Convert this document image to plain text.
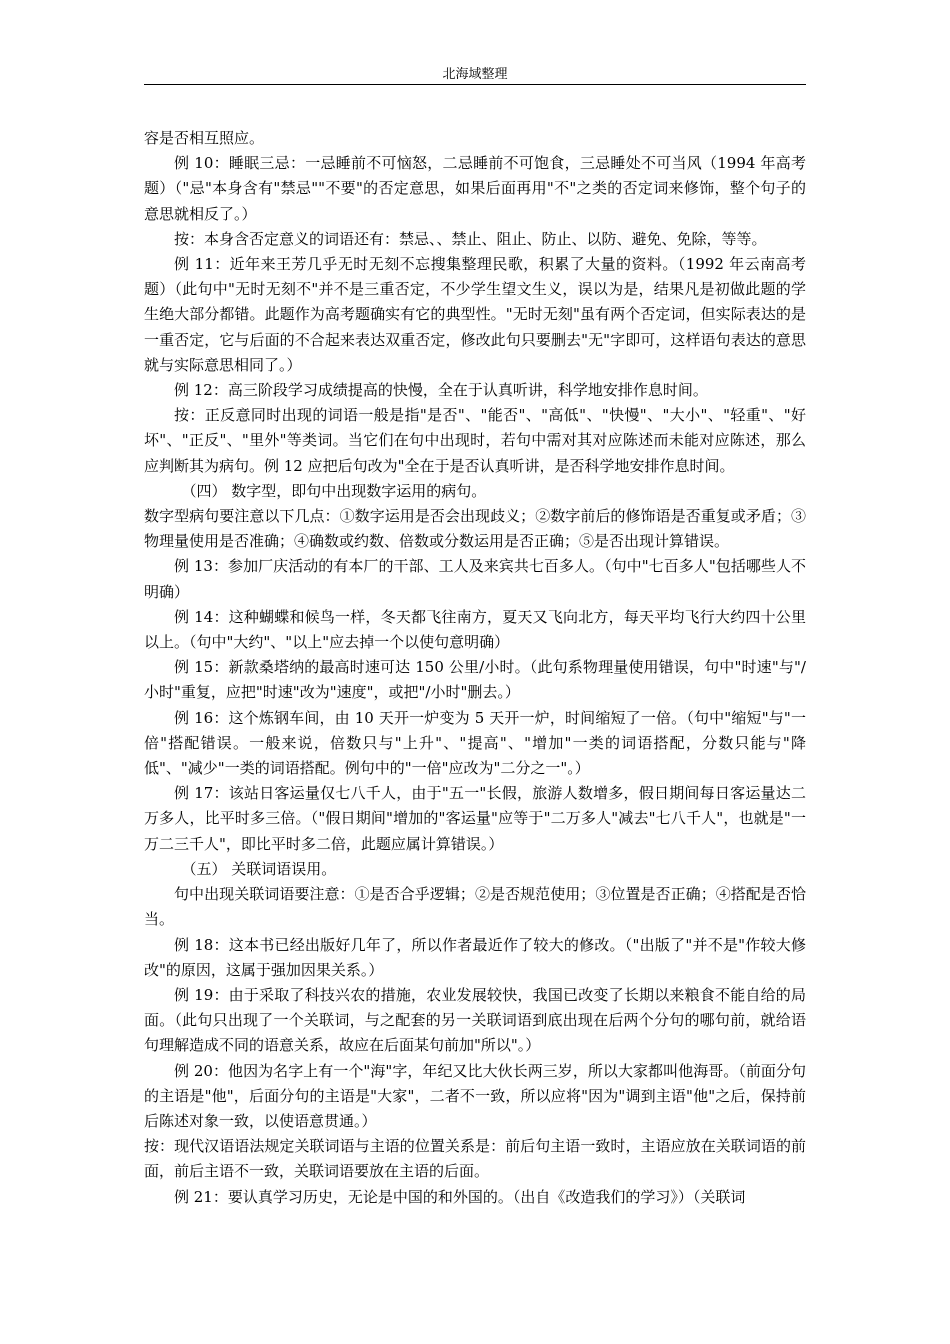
北海域整理

容是否相互照应。

例 10：睡眠三忌：一忌睡前不可恼怒，二忌睡前不可饱食，三忌睡处不可当风（1994 年高考题）（"忌"本身含有"禁忌""不要"的否定意思，如果后面再用"不"之类的否定词来修饰，整个句子的意思就相反了。）

按：本身含否定意义的词语还有：禁忌、、禁止、阻止、防止、以防、避免、免除，等等。

例 11：近年来王芳几乎无时无刻不忘搜集整理民歌，积累了大量的资料。（1992 年云南高考题）（此句中"无时无刻不"并不是三重否定，不少学生望文生义，误以为是，结果凡是初做此题的学生绝大部分都错。此题作为高考题确实有它的典型性。"无时无刻"虽有两个否定词，但实际表达的是一重否定，它与后面的不合起来表达双重否定，修改此句只要删去"无"字即可，这样语句表达的意思就与实际意思相同了。）

例 12：高三阶段学习成绩提高的快慢，全在于认真听讲，科学地安排作息时间。

按：正反意同时出现的词语一般是指"是否"、"能否"、"高低"、"快慢"、"大小"、"轻重"、"好坏"、"正反"、"里外"等类词。当它们在句中出现时，若句中需对其对应陈述而未能对应陈述，那么应判断其为病句。例 12 应把后句改为"全在于是否认真听讲，是否科学地安排作息时间。

（四） 数字型，即句中出现数字运用的病句。

数字型病句要注意以下几点：①数字运用是否会出现歧义；②数字前后的修饰语是否重复或矛盾；③物理量使用是否准确；④确数或约数、倍数或分数运用是否正确；⑤是否出现计算错误。

例 13：参加厂庆活动的有本厂的干部、工人及来宾共七百多人。（句中"七百多人"包括哪些人不明确）

例 14：这种蝴蝶和候鸟一样，冬天都飞往南方，夏天又飞向北方，每天平均飞行大约四十公里以上。（句中"大约"、"以上"应去掉一个以使句意明确）

例 15：新款桑塔纳的最高时速可达 150 公里/小时。（此句系物理量使用错误，句中"时速"与"/小时"重复，应把"时速"改为"速度"，或把"/小时"删去。）

例 16：这个炼钢车间，由 10 天开一炉变为 5 天开一炉，时间缩短了一倍。（句中"缩短"与"一倍"搭配错误。一般来说，倍数只与"上升"、"提高"、"增加"一类的词语搭配，分数只能与"降低"、"减少"一类的词语搭配。例句中的"一倍"应改为"二分之一"。）

例 17：该站日客运量仅七八千人，由于"五一"长假，旅游人数增多，假日期间每日客运量达二万多人，比平时多三倍。（"假日期间"增加的"客运量"应等于"二万多人"减去"七八千人"，也就是"一万二三千人"，即比平时多二倍，此题应属计算错误。）

（五） 关联词语误用。

句中出现关联词语要注意：①是否合乎逻辑；②是否规范使用；③位置是否正确；④搭配是否恰当。

例 18：这本书已经出版好几年了，所以作者最近作了较大的修改。（"出版了"并不是"作较大修改"的原因，这属于强加因果关系。）

例 19：由于采取了科技兴农的措施，农业发展较快，我国已改变了长期以来粮食不能自给的局面。（此句只出现了一个关联词，与之配套的另一关联词语到底出现在后两个分句的哪句前，就给语句理解造成不同的语意关系，故应在后面某句前加"所以"。）

例 20：他因为名字上有一个"海"字，年纪又比大伙长两三岁，所以大家都叫他海哥。（前面分句的主语是"他"，后面分句的主语是"大家"，二者不一致，所以应将"因为"调到主语"他"之后，保持前后陈述对象一致，以使语意贯通。）

按：现代汉语语法规定关联词语与主语的位置关系是：前后句主语一致时，主语应放在关联词语的前面，前后主语不一致，关联词语要放在主语的后面。

例 21：要认真学习历史，无论是中国的和外国的。（出自《改造我们的学习》）（关联词
